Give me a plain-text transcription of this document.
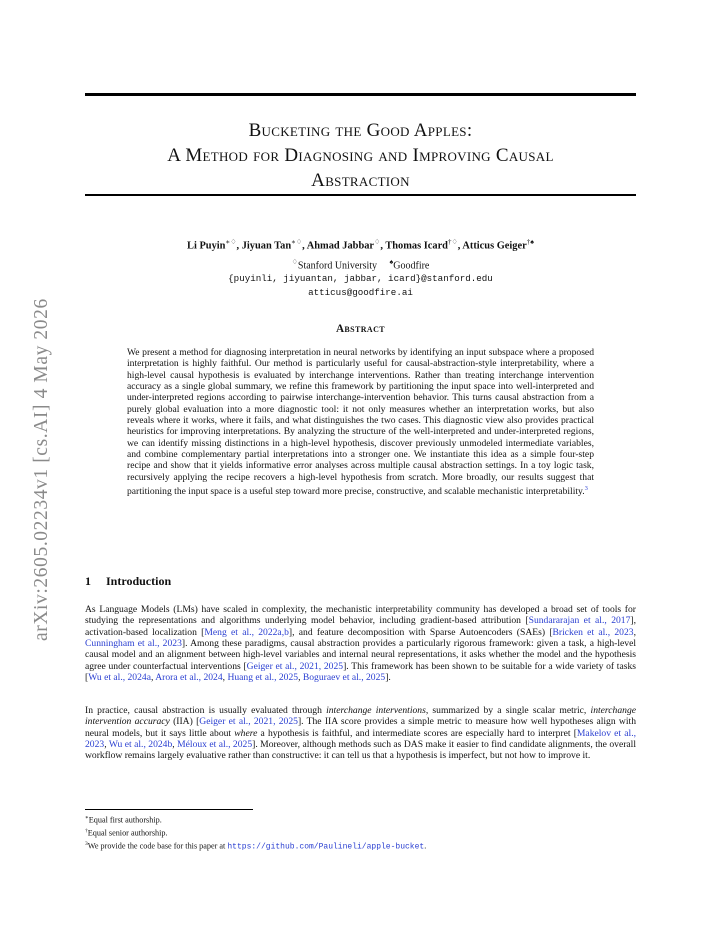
arXiv:2605.02234v1 [cs.AI] 4 May 2026
Bucketing the Good Apples:
A Method for Diagnosing and Improving Causal
Abstraction
Li Puyin∗♢, Jiyuan Tan∗♢, Ahmad Jabbar♢, Thomas Icard†♢, Atticus Geiger†♠
♢Stanford University ♠Goodfire
{puyinli, jiyuantan, jabbar, icard}@stanford.edu
atticus@goodfire.ai
Abstract
We present a method for diagnosing interpretation in neural networks by identifying an input subspace where a proposed interpretation is highly faithful. Our method is particularly useful for causal-abstraction-style interpretability, where a high-level causal hypothesis is evaluated by interchange interventions. Rather than treating interchange intervention accuracy as a single global summary, we refine this framework by partitioning the input space into well-interpreted and under-interpreted regions according to pairwise interchange-intervention behavior. This turns causal abstraction from a purely global evaluation into a more diagnostic tool: it not only measures whether an interpretation works, but also reveals where it works, where it fails, and what distinguishes the two cases. This diagnostic view also provides practical heuristics for improving interpretations. By analyzing the structure of the well-interpreted and under-interpreted regions, we can identify missing distinctions in a high-level hypothesis, discover previously unmodeled intermediate variables, and combine complementary partial interpretations into a stronger one. We instantiate this idea as a simple four-step recipe and show that it yields informative error analyses across multiple causal abstraction settings. In a toy logic task, recursively applying the recipe recovers a high-level hypothesis from scratch. More broadly, our results suggest that partitioning the input space is a useful step toward more precise, constructive, and scalable mechanistic interpretability.$^3$
1 Introduction
As Language Models (LMs) have scaled in complexity, the mechanistic interpretability community has developed a broad set of tools for studying the representations and algorithms underlying model behavior, including gradient-based attribution [Sundararajan et al., 2017], activation-based localization [Meng et al., 2022a,b], and feature decomposition with Sparse Autoencoders (SAEs) [Bricken et al., 2023, Cunningham et al., 2023]. Among these paradigms, causal abstraction provides a particularly rigorous framework: given a task, a high-level causal model and an alignment between high-level variables and internal neural representations, it asks whether the model and the hypothesis agree under counterfactual interventions [Geiger et al., 2021, 2025]. This framework has been shown to be suitable for a wide variety of tasks [Wu et al., 2024a, Arora et al., 2024, Huang et al., 2025, Boguraev et al., 2025].
In practice, causal abstraction is usually evaluated through interchange interventions, summarized by a single scalar metric, interchange intervention accuracy (IIA) [Geiger et al., 2021, 2025]. The IIA score provides a simple metric to measure how well hypotheses align with neural models, but it says little about where a hypothesis is faithful, and intermediate scores are especially hard to interpret [Makelov et al., 2023, Wu et al., 2024b, Méloux et al., 2025]. Moreover, although methods such as DAS make it easier to find candidate alignments, the overall workflow remains largely evaluative rather than constructive: it can tell us that a hypothesis is imperfect, but not how to improve it.
∗Equal first authorship.
†Equal senior authorship.
$^3$We provide the code base for this paper at https://github.com/Paulineli/apple-bucket.
